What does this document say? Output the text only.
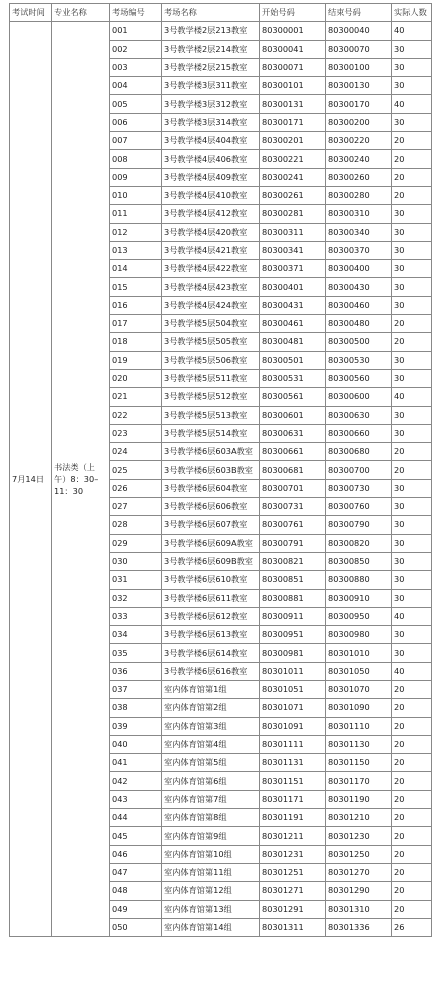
考试时间	专业名称	考场编号	考场名称	开始号码	结束号码	实际人数
7月14日	书法类（上午）8：30–11：30	001	3号教学楼2层213教室	80300001	80300040	40
		002	3号教学楼2层214教室	80300041	80300070	30
		003	3号教学楼2层215教室	80300071	80300100	30
		004	3号教学楼3层311教室	80300101	80300130	30
		005	3号教学楼3层312教室	80300131	80300170	40
		006	3号教学楼3层314教室	80300171	80300200	30
		007	3号教学楼4层404教室	80300201	80300220	20
		008	3号教学楼4层406教室	80300221	80300240	20
		009	3号教学楼4层409教室	80300241	80300260	20
		010	3号教学楼4层410教室	80300261	80300280	20
		011	3号教学楼4层412教室	80300281	80300310	30
		012	3号教学楼4层420教室	80300311	80300340	30
		013	3号教学楼4层421教室	80300341	80300370	30
		014	3号教学楼4层422教室	80300371	80300400	30
		015	3号教学楼4层423教室	80300401	80300430	30
		016	3号教学楼4层424教室	80300431	80300460	30
		017	3号教学楼5层504教室	80300461	80300480	20
		018	3号教学楼5层505教室	80300481	80300500	20
		019	3号教学楼5层506教室	80300501	80300530	30
		020	3号教学楼5层511教室	80300531	80300560	30
		021	3号教学楼5层512教室	80300561	80300600	40
		022	3号教学楼5层513教室	80300601	80300630	30
		023	3号教学楼5层514教室	80300631	80300660	30
		024	3号教学楼6层603A教室	80300661	80300680	20
		025	3号教学楼6层603B教室	80300681	80300700	20
		026	3号教学楼6层604教室	80300701	80300730	30
		027	3号教学楼6层606教室	80300731	80300760	30
		028	3号教学楼6层607教室	80300761	80300790	30
		029	3号教学楼6层609A教室	80300791	80300820	30
		030	3号教学楼6层609B教室	80300821	80300850	30
		031	3号教学楼6层610教室	80300851	80300880	30
		032	3号教学楼6层611教室	80300881	80300910	30
		033	3号教学楼6层612教室	80300911	80300950	40
		034	3号教学楼6层613教室	80300951	80300980	30
		035	3号教学楼6层614教室	80300981	80301010	30
		036	3号教学楼6层616教室	80301011	80301050	40
		037	室内体育馆第1组	80301051	80301070	20
		038	室内体育馆第2组	80301071	80301090	20
		039	室内体育馆第3组	80301091	80301110	20
		040	室内体育馆第4组	80301111	80301130	20
		041	室内体育馆第5组	80301131	80301150	20
		042	室内体育馆第6组	80301151	80301170	20
		043	室内体育馆第7组	80301171	80301190	20
		044	室内体育馆第8组	80301191	80301210	20
		045	室内体育馆第9组	80301211	80301230	20
		046	室内体育馆第10组	80301231	80301250	20
		047	室内体育馆第11组	80301251	80301270	20
		048	室内体育馆第12组	80301271	80301290	20
		049	室内体育馆第13组	80301291	80301310	20
		050	室内体育馆第14组	80301311	80301336	26
